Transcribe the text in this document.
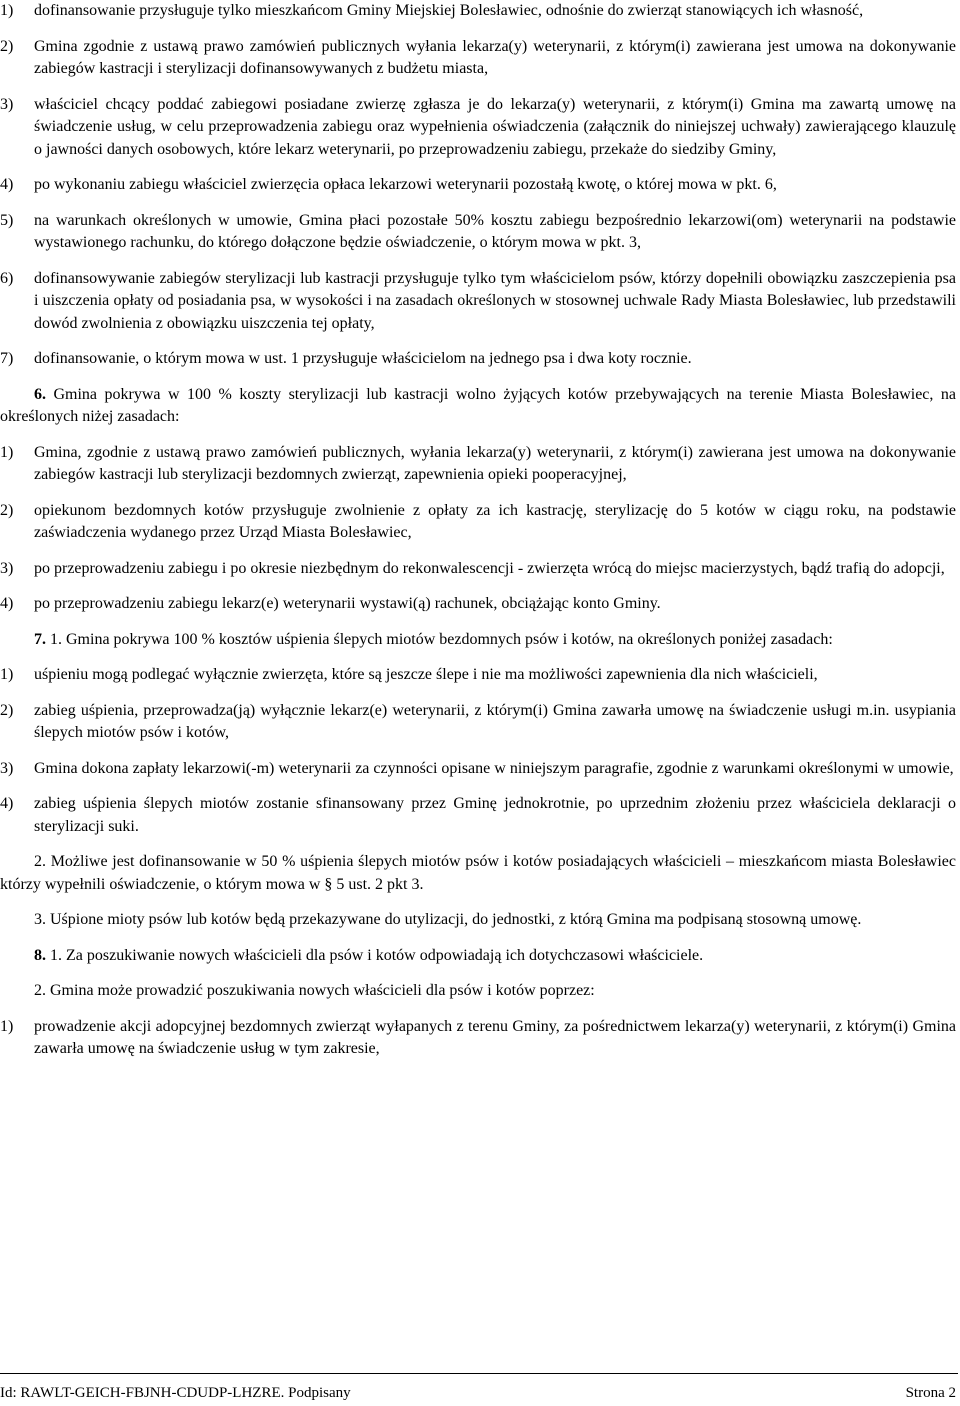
1)	dofinansowanie przysługuje tylko mieszkańcom Gminy Miejskiej Bolesławiec, odnośnie do zwierząt stanowiących ich własność,

2)	Gmina zgodnie z ustawą prawo zamówień publicznych wyłania lekarza(y) weterynarii, z którym(i) zawierana jest umowa na dokonywanie zabiegów kastracji i sterylizacji dofinansowywanych z budżetu miasta,

3)	właściciel chcący poddać zabiegowi posiadane zwierzę zgłasza je do lekarza(y) weterynarii, z którym(i) Gmina ma zawartą umowę na świadczenie usług, w celu przeprowadzenia zabiegu oraz wypełnienia oświadczenia (załącznik do niniejszej uchwały) zawierającego klauzulę o jawności danych osobowych, które lekarz weterynarii, po przeprowadzeniu zabiegu, przekaże do siedziby Gminy,

4)	po wykonaniu zabiegu właściciel zwierzęcia opłaca lekarzowi weterynarii pozostałą kwotę, o której mowa w pkt. 6,

5)	na warunkach określonych w umowie, Gmina płaci pozostałe 50% kosztu zabiegu bezpośrednio lekarzowi(om) weterynarii na podstawie wystawionego rachunku, do którego dołączone będzie oświadczenie, o którym mowa w pkt. 3,

6)	dofinansowywanie zabiegów sterylizacji lub kastracji przysługuje tylko tym właścicielom psów, którzy dopełnili obowiązku zaszczepienia psa i uiszczenia opłaty od posiadania psa, w wysokości i na zasadach określonych w stosownej uchwale Rady Miasta Bolesławiec, lub przedstawili dowód zwolnienia z obowiązku uiszczenia tej opłaty,

7)	dofinansowanie, o którym mowa w ust. 1 przysługuje właścicielom na jednego psa i dwa koty rocznie.

6. Gmina pokrywa w 100 % koszty sterylizacji lub kastracji wolno żyjących kotów przebywających na terenie Miasta Bolesławiec, na określonych niżej zasadach:

1)	Gmina, zgodnie z ustawą prawo zamówień publicznych, wyłania lekarza(y) weterynarii, z którym(i) zawierana jest umowa na dokonywanie zabiegów kastracji lub sterylizacji bezdomnych zwierząt, zapewnienia opieki pooperacyjnej,

2)	opiekunom bezdomnych kotów przysługuje zwolnienie z opłaty za ich kastrację, sterylizację do 5 kotów w ciągu roku, na podstawie zaświadczenia wydanego przez Urząd Miasta Bolesławiec,

3)	po przeprowadzeniu zabiegu i po okresie niezbędnym do rekonwalescencji - zwierzęta wrócą do miejsc macierzystych, bądź trafią do adopcji,

4)	po przeprowadzeniu zabiegu lekarz(e) weterynarii wystawi(ą) rachunek, obciążając konto Gminy.

7. 1. Gmina pokrywa 100 % kosztów uśpienia ślepych miotów bezdomnych psów i kotów, na określonych poniżej zasadach:

1)	uśpieniu mogą podlegać wyłącznie zwierzęta, które są jeszcze ślepe i nie ma możliwości zapewnienia dla nich właścicieli,

2)	zabieg uśpienia, przeprowadza(ją) wyłącznie lekarz(e) weterynarii, z którym(i) Gmina zawarła umowę na świadczenie usługi m.in. usypiania ślepych miotów psów i kotów,

3)	Gmina dokona zapłaty lekarzowi(-m) weterynarii za czynności opisane w niniejszym paragrafie, zgodnie z warunkami określonymi w umowie,

4)	zabieg uśpienia ślepych miotów zostanie sfinansowany przez Gminę jednokrotnie, po uprzednim złożeniu przez właściciela deklaracji o sterylizacji suki.

2. Możliwe jest dofinansowanie w 50 % uśpienia ślepych miotów psów i kotów posiadających właścicieli – mieszkańcom miasta Bolesławiec którzy wypełnili oświadczenie, o którym mowa w § 5 ust. 2 pkt 3.

3. Uśpione mioty psów lub kotów będą przekazywane do utylizacji, do jednostki, z którą Gmina ma podpisaną stosowną umowę.

8. 1. Za poszukiwanie nowych właścicieli dla psów i kotów odpowiadają ich dotychczasowi właściciele.

2. Gmina może prowadzić poszukiwania nowych właścicieli dla psów i kotów poprzez:

1)	prowadzenie akcji adopcyjnej bezdomnych zwierząt wyłapanych z terenu Gminy, za pośrednictwem lekarza(y) weterynarii, z którym(i) Gmina zawarła umowę na świadczenie usług w tym zakresie,

Id: RAWLT-GEICH-FBJNH-CDUDP-LHZRE. Podpisany	Strona 2
